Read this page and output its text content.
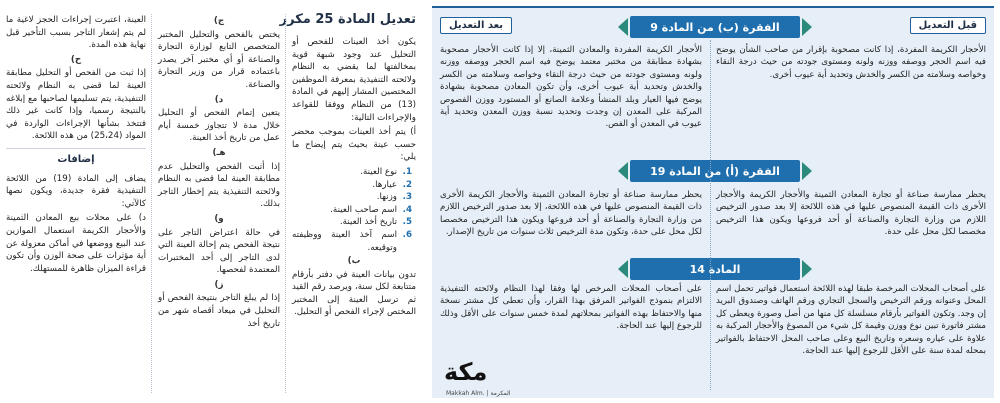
قبل التعديل
بعد التعديل	الفقرة (ب) من المادة 9
الأحجار الكريمة المفردة، إذا كانت مصحوبة بإقرار من صاحب الشأن يوضح فيه اسم الحجر ووصفه ووزنه ولونه ومستوى جودته من حيث درجة النقاء وخواصه وسلامته من الكسر والخدش وتحديد أية عيوب أخرى.
الأحجار الكريمة المفردة والمعادن الثمينة، إلا إذا كانت الأحجار مصحوبة بشهادة مطابقة من مختبر معتمد يوضح فيه اسم الحجر ووصفه ووزنه ولونه ومستوى جودته من حيث درجة النقاء وخواصه وسلامته من الكسر والخدش وتحديد أية عيوب أخرى، وأن تكون المعادن مصحوبة بشهادة يوضح فيها العيار وبلد المنشأ وعلامة الصانع أو المستورد ووزن الفصوص المركبة على المعدن إن وجدت وتحديد نسبة ووزن المعدن وتحديد أية عيوب في المعدن أو الفص.
الفقرة (أ) من المادة 19
يحظر ممارسة صناعة أو تجارة المعادن الثمينة والأحجار الكريمة والأحجار الأخرى ذات القيمة المنصوص عليها في هذه اللائحة إلا بعد صدور الترخيص اللازم من وزارة التجارة والصناعة أو أحد فروعها ويكون هذا الترخيص مخصصا لكل محل على حدة.
يحظر ممارسة صناعة أو تجارة المعادن الثمينة والأحجار الكريمة الأخرى ذات القيمة المنصوص عليها في هذه اللائحة، إلا بعد صدور الترخيص اللازم من وزارة التجارة والصناعة أو أحد فروعها ويكون هذا الترخيص مخصصا لكل محل على حدة، وتكون مدة الترخيص ثلاث سنوات من تاريخ الإصدار.
المادة 14
على أصحاب المحلات المرخصة طبقا لهذه اللائحة استعمال فواتير تحمل اسم المحل وعنوانه ورقم الترخيص والسجل التجاري ورقم الهاتف وصندوق البريد إن وجد. وتكون الفواتير بأرقام مسلسلة كل منها من أصل وصورة ويعطى كل مشتر فاتورة تبين نوع ووزن وقيمة كل شيء من المصوغ والأحجار المركبة به علاوة على عياره وسعره وتاريخ البيع وعلى صاحب المحل الاحتفاظ بالفواتير بمحله لمدة سنة على الأقل للرجوع إليها عند الحاجة.
على أصحاب المحلات المرخص لها وفقا لهذا النظام ولائحته التنفيذية الالتزام بنموذج الفواتير المرفق بهذا القرار، وأن تعطى كل مشتر نسخة منها والاحتفاظ بهذه الفواتير بمحلاتهم لمدة خمس سنوات على الأقل وذلك للرجوع إليها عند الحاجة.
تعديل المادة 25 مكرر

يكون أخذ العينات للفحص أو التحليل عند وجود شبهة قوية بمخالفتها لما يقضي به النظام ولائحته التنفيذية بمعرفة الموظفين المختصين المشار إليهم في المادة (13) من النظام ووفقا للقواعد والإجراءات التالية:

أ) يتم أخذ العينات بموجب محضر حسب عينة بحيث يتم إيضاح ما يلي:

1.
نوع العينة.
2.
عيارها.
3.
وزنها.
4.
اسم صاحب العينة.
5.
تاريخ أخذ العينة.
6.
اسم آخذ العينة ووظيفته وتوقيعه.
ب)

تدون بيانات العينة في دفتر بأرقام متتابعة لكل سنة، ويرصد رقم القيد ثم ترسل العينة إلى المختبر المختص لإجراء الفحص أو التحليل.

ج)

يختص بالفحص والتحليل المختبر المتخصص التابع لوزارة التجارة والصناعة أو أي مختبر آخر يصدر باعتماده قرار من وزير التجارة والصناعة.

د)

يتعين إتمام الفحص أو التحليل خلال مدة لا تتجاوز خمسة أيام عمل من تاريخ أخذ العينة.

هـ)

إذا أثبت الفحص والتحليل عدم مطابقة العينة لما قضى به النظام ولائحته التنفيذية يتم إخطار التاجر بذلك.

و)

في حالة اعتراض التاجر على نتيجة الفحص يتم إحالة العينة التي لدى التاجر إلى أحد المختبرات المعتمدة لفحصها.

ز)

إذا لم يبلغ التاجر بنتيجة الفحص أو التحليل في ميعاد أقصاه شهر من تاريخ أخذ

العينة، اعتبرت إجراءات الحجز لاغية ما لم يتم إشعار التاجر بسبب التأخير قبل نهاية هذه المدة.

ح)

إذا ثبت من الفحص أو التحليل مطابقة العينة لما قضى به النظام ولائحته التنفيذية، يتم تسليمها لصاحبها مع إبلاغه بالنتيجة رسميا، وإذا كانت غير ذلك فتتخذ بشأنها الإجراءات الواردة في المواد (25،24) من هذه اللائحة.

إضافات

يضاف إلى المادة (19) من اللائحة التنفيذية فقرة جديدة، ويكون نصها كالآتي:

د) على محلات بيع المعادن الثمينة والأحجار الكريمة استعمال الموازين عند البيع ووضعها في أماكن معزولة عن أية مؤثرات على صحة الوزن وأن تكون قراءة الميزان ظاهرة للمستهلك.

مكة
Makkah Alm. | المكرمة
